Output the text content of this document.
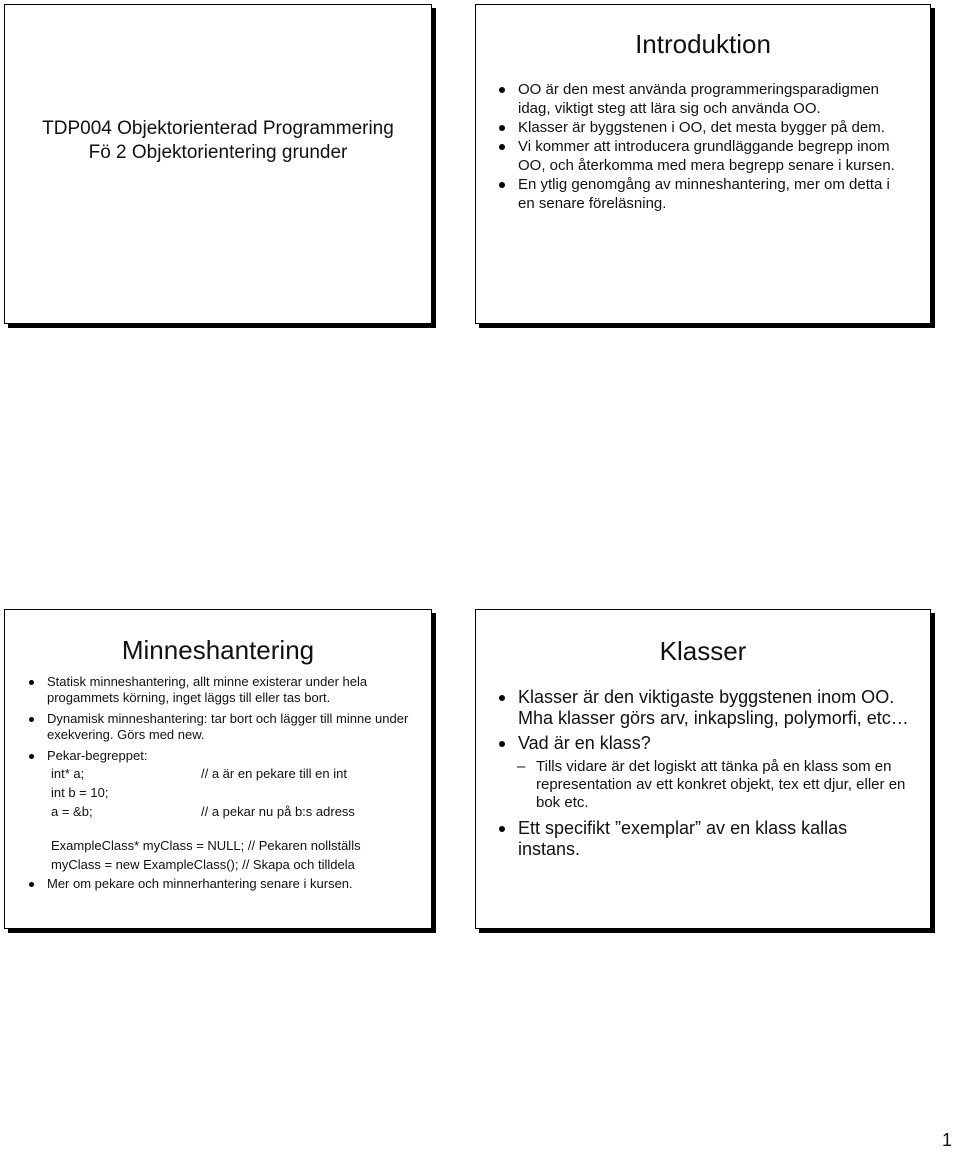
TDP004 Objektorienterad Programmering
Fö 2 Objektorientering grunder
Introduktion
OO är den mest använda programmeringsparadigmen idag, viktigt steg att lära sig och använda OO.
Klasser är byggstenen i OO, det mesta bygger på dem.
Vi kommer att introducera grundläggande begrepp inom OO, och återkomma med mera begrepp senare i kursen.
En ytlig genomgång av minneshantering, mer om detta i en senare föreläsning.
Minneshantering
Statisk minneshantering, allt minne existerar under hela progammets körning, inget läggs till eller tas bort.
Dynamisk minneshantering: tar bort och lägger till minne under exekvering. Görs med new.
Pekar-begreppet:
int* a;	// a är en pekare till en int
int b = 10;
a = &b;	// a pekar nu på b:s adress
ExampleClass* myClass = NULL; // Pekaren nollställs
myClass = new ExampleClass(); // Skapa och tilldela
Mer om pekare och minnerhantering senare i kursen.
Klasser
Klasser är den viktigaste byggstenen inom OO. Mha klasser görs arv, inkapsling, polymorfi, etc…
Vad är en klass?
– Tills vidare är det logiskt att tänka på en klass som en representation av ett konkret objekt, tex ett djur, eller en bok etc.
Ett specifikt ”exemplar” av en klass kallas instans.
1
